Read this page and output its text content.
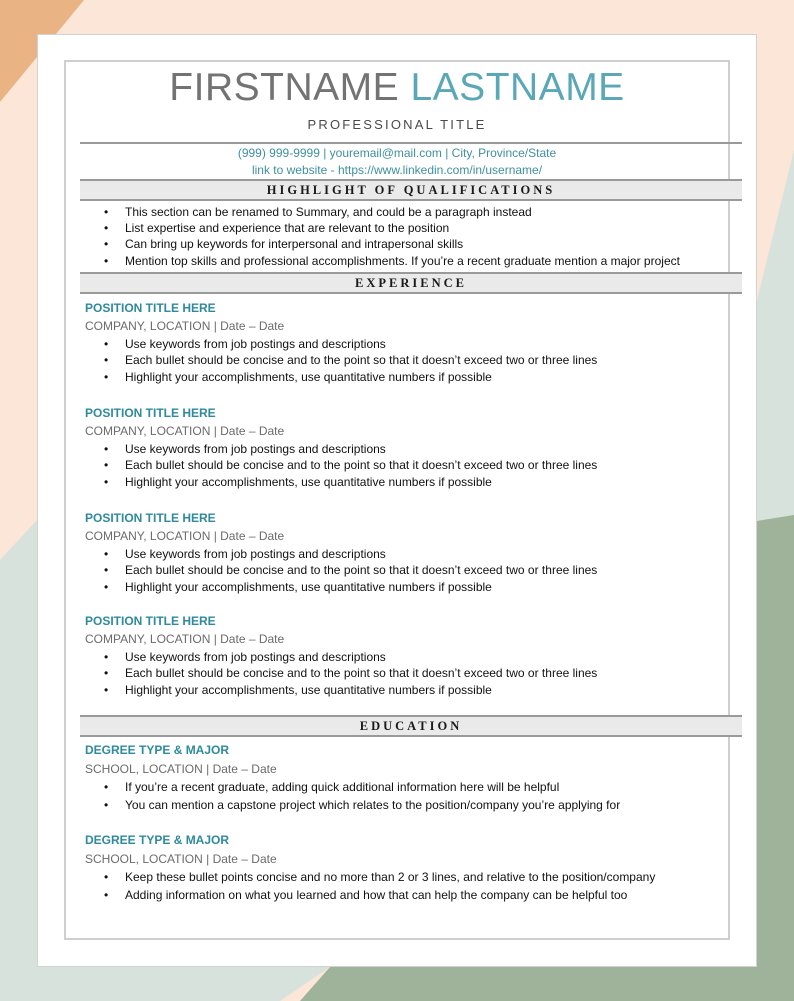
FIRSTNAME LASTNAME
PROFESSIONAL TITLE
(999) 999-9999 | youremail@mail.com | City, Province/State
link to website - https://www.linkedin.com/in/username/
HIGHLIGHT OF QUALIFICATIONS
• This section can be renamed to Summary, and could be a paragraph instead
• List expertise and experience that are relevant to the position
• Can bring up keywords for interpersonal and intrapersonal skills
• Mention top skills and professional accomplishments. If you’re a recent graduate mention a major project
EXPERIENCE
POSITION TITLE HERE
COMPANY, LOCATION | Date – Date
• Use keywords from job postings and descriptions
• Each bullet should be concise and to the point so that it doesn’t exceed two or three lines
• Highlight your accomplishments, use quantitative numbers if possible
POSITION TITLE HERE
COMPANY, LOCATION | Date – Date
• Use keywords from job postings and descriptions
• Each bullet should be concise and to the point so that it doesn’t exceed two or three lines
• Highlight your accomplishments, use quantitative numbers if possible
POSITION TITLE HERE
COMPANY, LOCATION | Date – Date
• Use keywords from job postings and descriptions
• Each bullet should be concise and to the point so that it doesn’t exceed two or three lines
• Highlight your accomplishments, use quantitative numbers if possible
POSITION TITLE HERE
COMPANY, LOCATION | Date – Date
• Use keywords from job postings and descriptions
• Each bullet should be concise and to the point so that it doesn’t exceed two or three lines
• Highlight your accomplishments, use quantitative numbers if possible
EDUCATION
DEGREE TYPE & MAJOR
SCHOOL, LOCATION | Date – Date
• If you’re a recent graduate, adding quick additional information here will be helpful
• You can mention a capstone project which relates to the position/company you’re applying for
DEGREE TYPE & MAJOR
SCHOOL, LOCATION | Date – Date
• Keep these bullet points concise and no more than 2 or 3 lines, and relative to the position/company
• Adding information on what you learned and how that can help the company can be helpful too
